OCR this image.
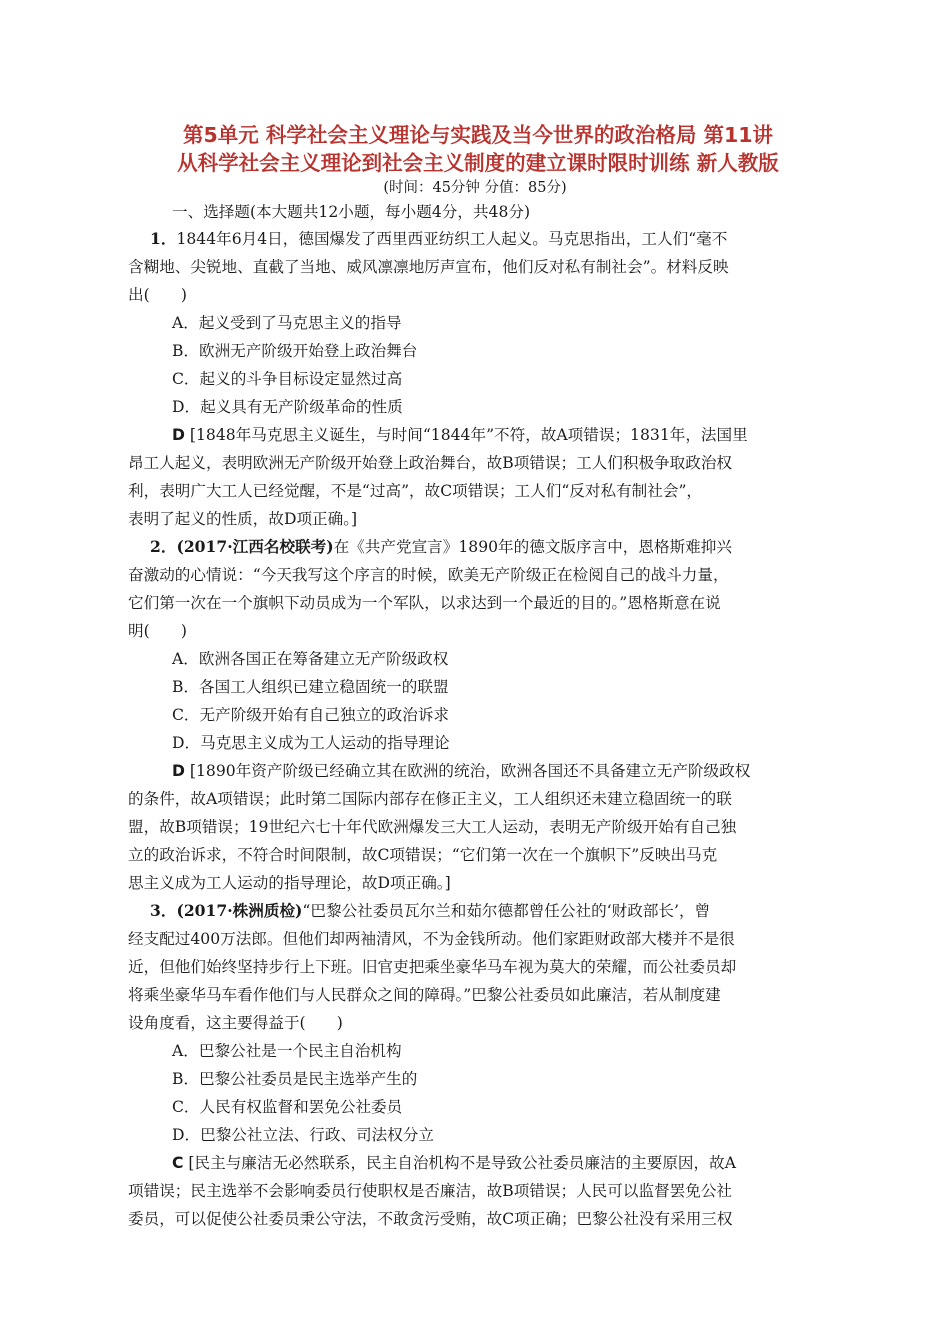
第5单元 科学社会主义理论与实践及当今世界的政治格局 第11讲
从科学社会主义理论到社会主义制度的建立课时限时训练 新人教版
(时间：45分钟 分值：85分)
一、选择题(本大题共12小题，每小题4分，共48分)
1．1844年6月4日，德国爆发了西里西亚纺织工人起义。马克思指出，工人们“毫不
含糊地、尖锐地、直截了当地、威风凛凛地厉声宣布，他们反对私有制社会”。材料反映
出(　　)
A．起义受到了马克思主义的指导
B．欧洲无产阶级开始登上政治舞台
C．起义的斗争目标设定显然过高
D．起义具有无产阶级革命的性质
D [1848年马克思主义诞生，与时间“1844年”不符，故A项错误；1831年，法国里
昂工人起义，表明欧洲无产阶级开始登上政治舞台，故B项错误；工人们积极争取政治权
利，表明广大工人已经觉醒，不是“过高”，故C项错误；工人们“反对私有制社会”，
表明了起义的性质，故D项正确。]
2．(2017·江西名校联考)在《共产党宣言》1890年的德文版序言中，恩格斯难抑兴
奋激动的心情说：“今天我写这个序言的时候，欧美无产阶级正在检阅自己的战斗力量，
它们第一次在一个旗帜下动员成为一个军队，以求达到一个最近的目的。”恩格斯意在说
明(　　)
A．欧洲各国正在筹备建立无产阶级政权
B．各国工人组织已建立稳固统一的联盟
C．无产阶级开始有自己独立的政治诉求
D．马克思主义成为工人运动的指导理论
D [1890年资产阶级已经确立其在欧洲的统治，欧洲各国还不具备建立无产阶级政权
的条件，故A项错误；此时第二国际内部存在修正主义，工人组织还未建立稳固统一的联
盟，故B项错误；19世纪六七十年代欧洲爆发三大工人运动，表明无产阶级开始有自己独
立的政治诉求，不符合时间限制，故C项错误；“它们第一次在一个旗帜下”反映出马克
思主义成为工人运动的指导理论，故D项正确。]
3．(2017·株洲质检)“巴黎公社委员瓦尔兰和茹尔德都曾任公社的‘财政部长’，曾
经支配过400万法郎。但他们却两袖清风，不为金钱所动。他们家距财政部大楼并不是很
近，但他们始终坚持步行上下班。旧官吏把乘坐豪华马车视为莫大的荣耀，而公社委员却
将乘坐豪华马车看作他们与人民群众之间的障碍。”巴黎公社委员如此廉洁，若从制度建
设角度看，这主要得益于(　　)
A．巴黎公社是一个民主自治机构
B．巴黎公社委员是民主选举产生的
C．人民有权监督和罢免公社委员
D．巴黎公社立法、行政、司法权分立
C [民主与廉洁无必然联系，民主自治机构不是导致公社委员廉洁的主要原因，故A
项错误；民主选举不会影响委员行使职权是否廉洁，故B项错误；人民可以监督罢免公社
委员，可以促使公社委员秉公守法，不敢贪污受贿，故C项正确；巴黎公社没有采用三权
